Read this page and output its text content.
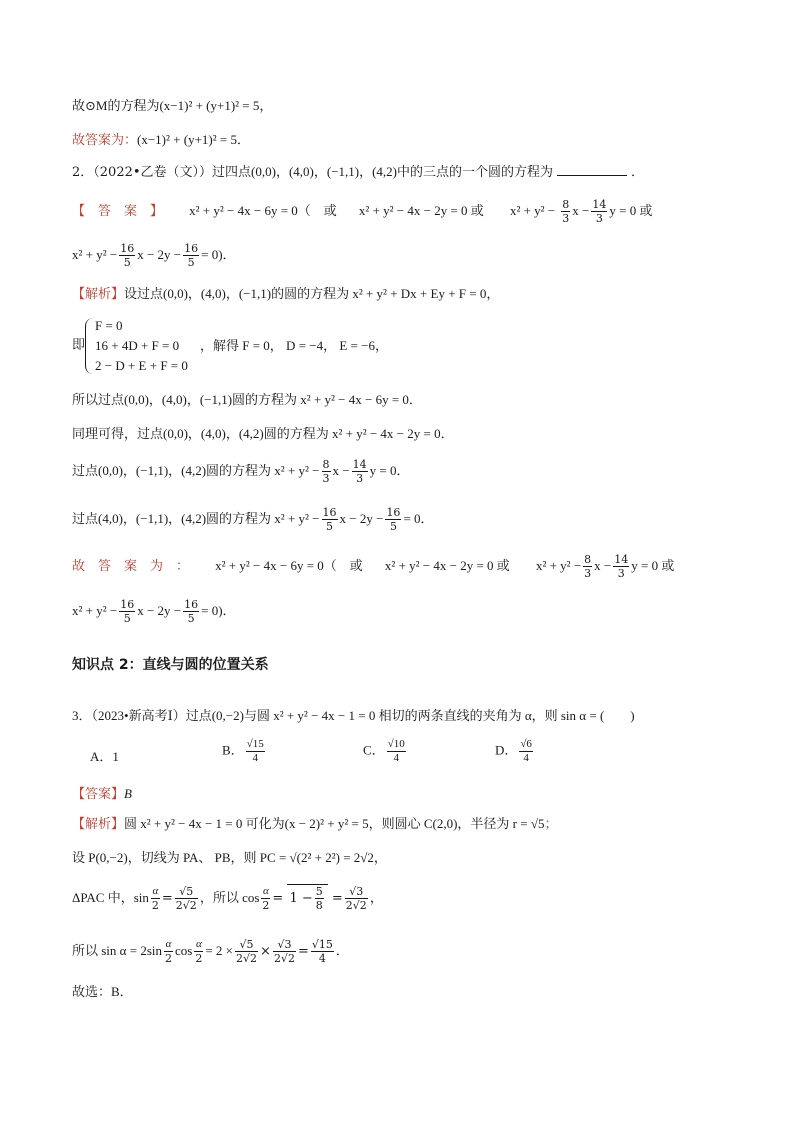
故⊙M的方程为(x−1)² + (y+1)² = 5，
故答案为：(x−1)² + (y+1)² = 5．
2．（2022•乙卷（文））过四点(0,0)，(4,0)，(−1,1)，(4,2)中的三点的一个圆的方程为	．
【　答　案　】 x² + y² − 4x − 6y = 0（　或 x² + y² − 4x − 2y = 0 或 $x^2 + y^2 - \frac{8}{3}$ $x - \frac{14}{3}$ y = 0 或
$x^2 + y^2 - \frac{16}{5}$ $x - 2y - \frac{16}{5} = 0$)．
【解析】设过点(0,0)，(4,0)，(−1,1)的圆的方程为 x² + y² + Dx + Ey + F = 0，
即
F = 0
16 + 4D + F = 0
2 − D + E + F = 0
，解得 F = 0， D = −4， E = −6，
所以过点(0,0)，(4,0)，(−1,1)圆的方程为 x² + y² − 4x − 6y = 0．
同理可得，过点(0,0)，(4,0)，(4,2)圆的方程为 x² + y² − 4x − 2y = 0．
过点(0,0)，(−1,1)，(4,2)圆的方程为 $x^2 + y^2 - \frac{8}{3}$ $x - \frac{14}{3}$ y = 0．
过点(4,0)，(−1,1)，(4,2)圆的方程为 $x^2 + y^2 - \frac{16}{5}$ $x - 2y - \frac{16}{5} = 0$．
故　答　案　为　： x² + y² − 4x − 6y = 0（　或 x² + y² − 4x − 2y = 0 或 $x^2 + y^2 - \frac{8}{3}$ $x - \frac{14}{3}$ y = 0 或
$x^2 + y^2 - \frac{16}{5}$ $x - 2y - \frac{16}{5} = 0$)．
知识点 2：直线与圆的位置关系
3．（2023•新高考Ⅰ）过点(0,−2)与圆 x² + y² − 4x − 1 = 0 相切的两条直线的夹角为 α，则 sin α = (　　)
A．1	B． $\frac{√15}{4}$	C． $\frac{√10}{4}$	D． $\frac{√6}{4}$
【答案】B
【解析】圆 x² + y² − 4x − 1 = 0 可化为(x − 2)² + y² = 5，则圆心 C(2,0)，半径为 r = √5；
设 P(0,−2)，切线为 PA、 PB，则 PC = √(2² + 2²) = 2√2，
ΔPAC 中，$\sin \frac{\alpha}{2} = \frac{√5}{2√2}$ ，所以 $\cos \frac{\alpha}{2} = 1 - \frac{5}{8} = \frac{√3}{2√2}$ ，
所以 $\sin \alpha = 2\sin \frac{\alpha}{2}$ $\cos \frac{\alpha}{2} = 2 \times \frac{√5}{2√2} \times \frac{√3}{2√2} = \frac{√15}{4}$ ．
故选：B．
